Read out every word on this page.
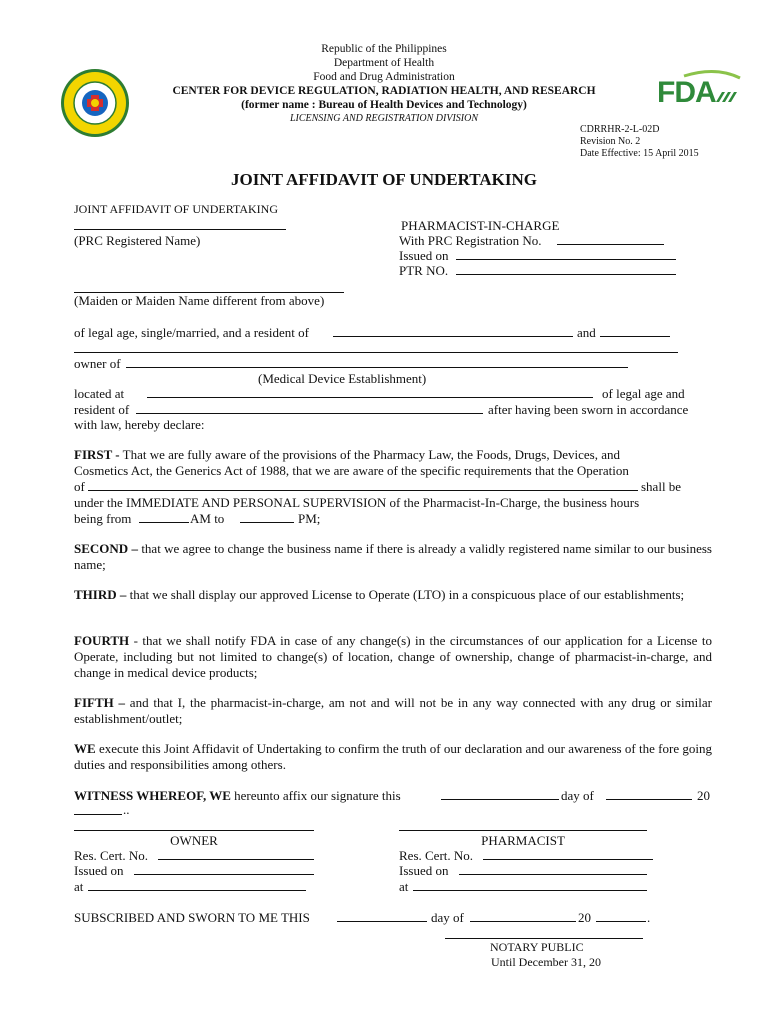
Republic of the Philippines
Department of Health
Food and Drug Administration
CENTER FOR DEVICE REGULATION, RADIATION HEALTH, AND RESEARCH
(former name : Bureau of Health Devices and Technology)
LICENSING AND REGISTRATION DIVISION
FDA
CDRRHR-2-L-02D
Revision No. 2
Date Effective: 15 April 2015
JOINT AFFIDAVIT OF UNDERTAKING
JOINT AFFIDAVIT OF UNDERTAKING
(PRC Registered Name)
PHARMACIST-IN-CHARGE
With PRC Registration No.
Issued on
PTR NO.
(Maiden or Maiden Name different from above)
of legal age, single/married, and a resident of	and
owner of
(Medical Device Establishment)
located at	of legal age and
resident of	after having been sworn in accordance
with law, hereby declare:
FIRST - That we are fully aware of the provisions of the Pharmacy Law, the Foods, Drugs, Devices, and
Cosmetics Act, the Generics Act of 1988, that we are aware of the specific requirements that the Operation
of	shall be
under the IMMEDIATE AND PERSONAL SUPERVISION of the Pharmacist-In-Charge, the business hours
being from	AM to	PM;
SECOND – that we agree to change the business name if there is already a validly registered name similar to our business name;
THIRD – that we shall display our approved License to Operate (LTO) in a conspicuous place of our establishments;
FOURTH - that we shall notify FDA in case of any change(s) in the circumstances of our application for a License to Operate, including but not limited to change(s) of location, change of ownership, change of pharmacist-in-charge, and change in medical device products;
FIFTH – and that I, the pharmacist-in-charge, am not and will not be in any way connected with any drug or similar establishment/outlet;
WE execute this Joint Affidavit of Undertaking to confirm the truth of our declaration and our awareness of the fore going duties and responsibilities among others.
WITNESS WHEREOF, WE hereunto affix our signature this	day of	20
..
OWNER
Res. Cert. No.
Issued on
at
PHARMACIST
Res. Cert. No.
Issued on
at
SUBSCRIBED AND SWORN TO ME THIS	day of	20	.
NOTARY PUBLIC
Until December 31, 20
